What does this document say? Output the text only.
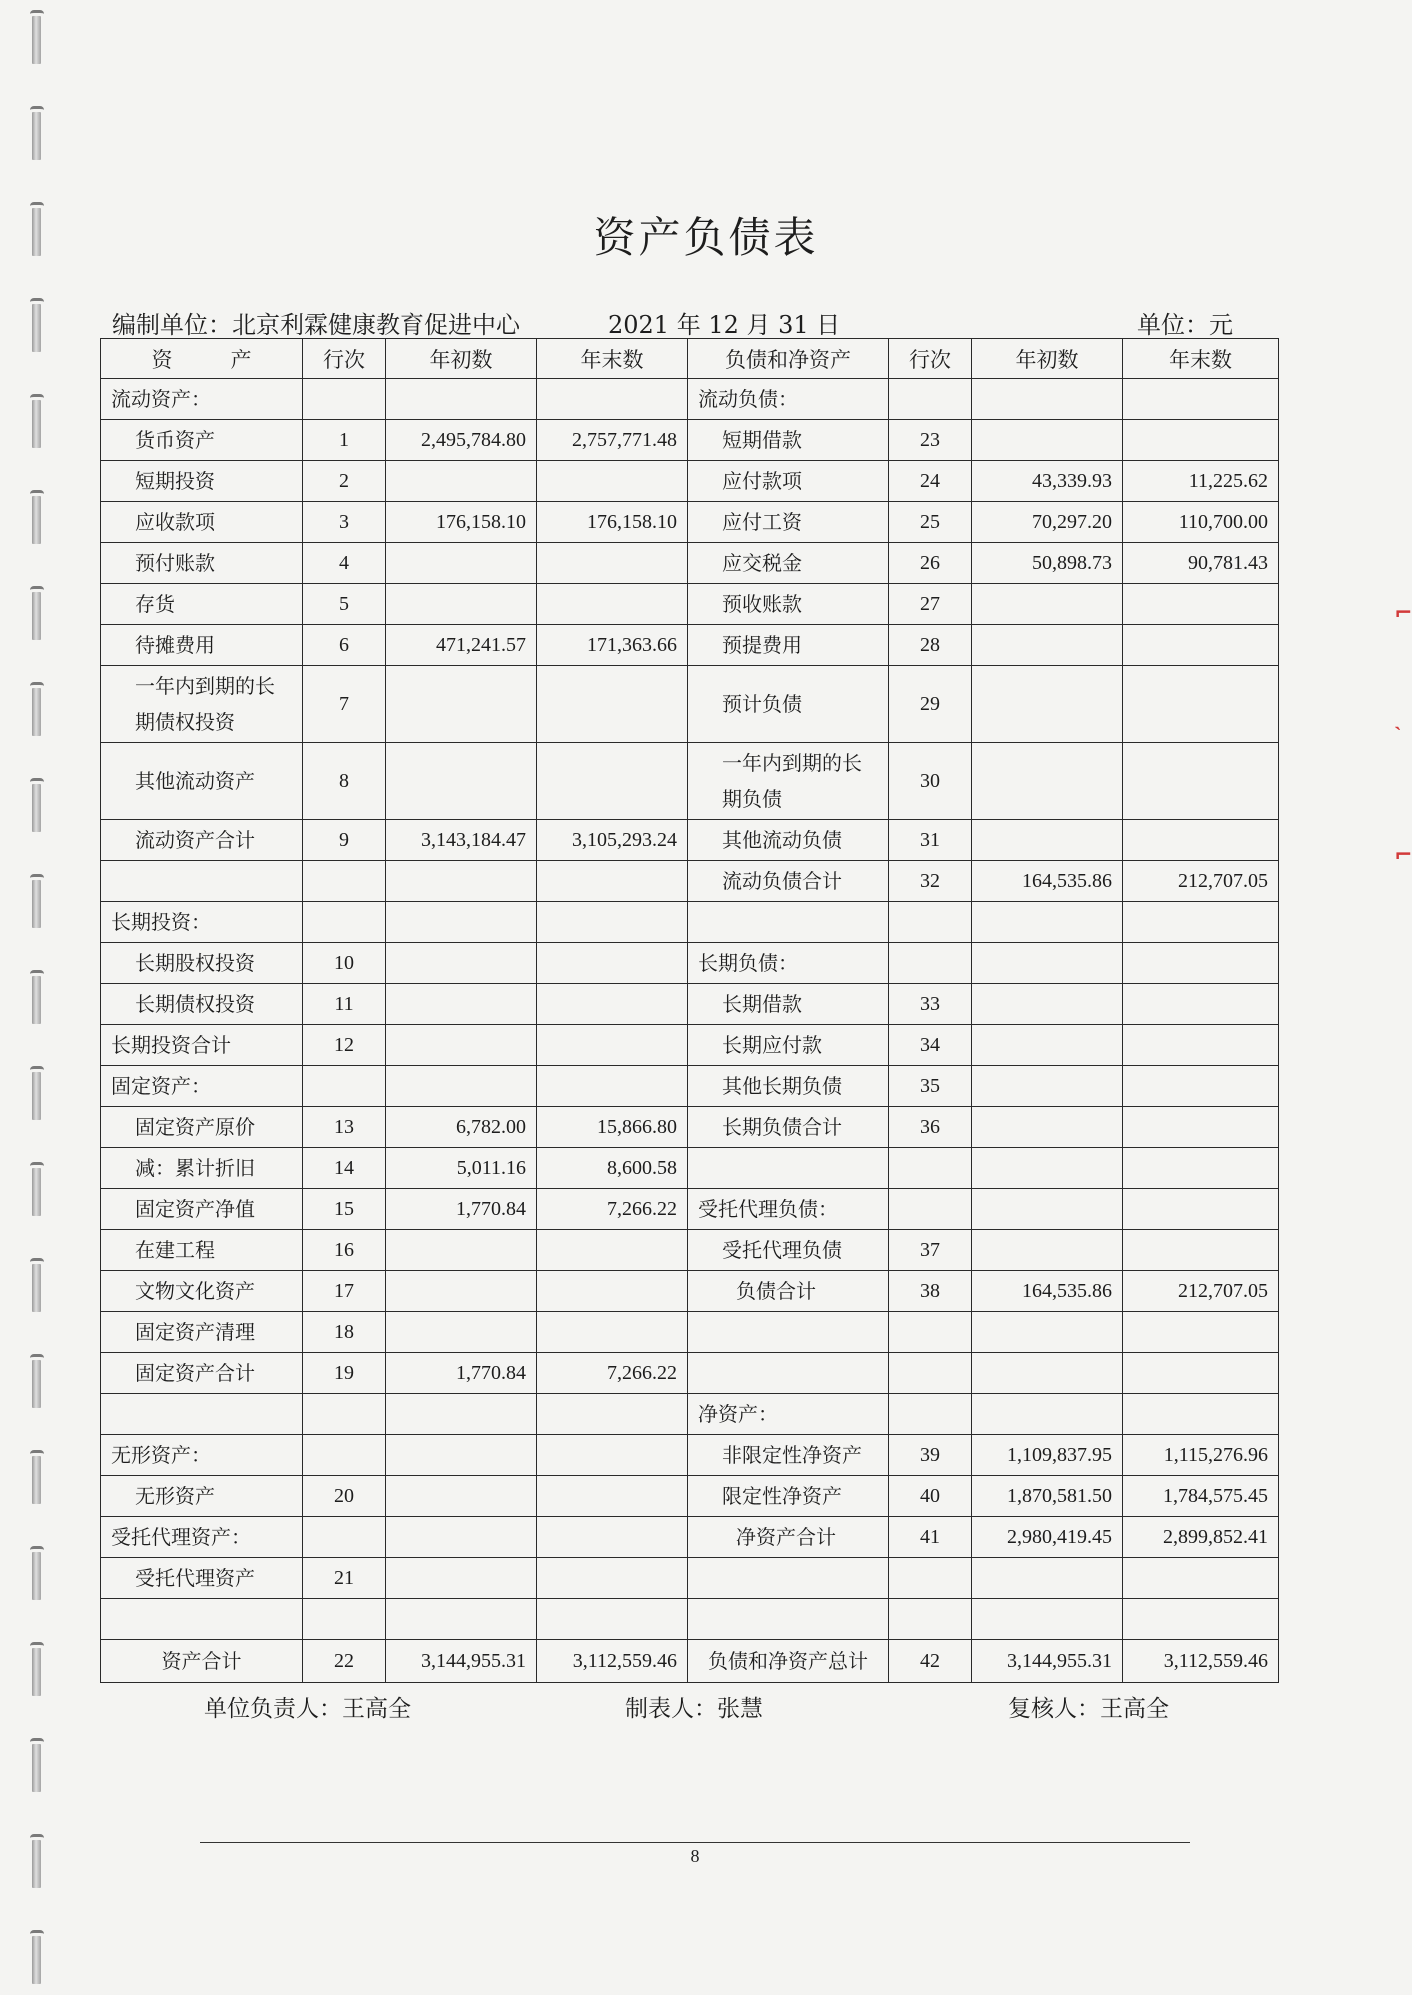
资产负债表
编制单位：北京利霖健康教育促进中心	2021 年 12 月 31 日	单位：元
资产	行次	年初数	年末数	负债和净资产	行次	年初数	年末数
流动资产：				流动负债：			
货币资产	1	2,495,784.80	2,757,771.48	短期借款	23		
短期投资	2			应付款项	24	43,339.93	11,225.62
应收款项	3	176,158.10	176,158.10	应付工资	25	70,297.20	110,700.00
预付账款	4			应交税金	26	50,898.73	90,781.43
存货	5			预收账款	27		
待摊费用	6	471,241.57	171,363.66	预提费用	28		
一年内到期的长期债权投资	7			预计负债	29		
其他流动资产	8			一年内到期的长期负债	30		
流动资产合计	9	3,143,184.47	3,105,293.24	其他流动负债	31		
				流动负债合计	32	164,535.86	212,707.05
长期投资：							
长期股权投资	10			长期负债：			
长期债权投资	11			长期借款	33		
长期投资合计	12			长期应付款	34		
固定资产：				其他长期负债	35		
固定资产原价	13	6,782.00	15,866.80	长期负债合计	36		
减：累计折旧	14	5,011.16	8,600.58				
固定资产净值	15	1,770.84	7,266.22	受托代理负债：			
在建工程	16			受托代理负债	37		
文物文化资产	17			负债合计	38	164,535.86	212,707.05
固定资产清理	18						
固定资产合计	19	1,770.84	7,266.22				
				净资产：			
无形资产：				非限定性净资产	39	1,109,837.95	1,115,276.96
无形资产	20			限定性净资产	40	1,870,581.50	1,784,575.45
受托代理资产：				净资产合计	41	2,980,419.45	2,899,852.41
受托代理资产	21						

资产合计	22	3,144,955.31	3,112,559.46	负债和净资产总计	42	3,144,955.31	3,112,559.46
单位负责人：王高全	制表人：张慧	复核人：王高全
8
⌐
ˎ
⌐
